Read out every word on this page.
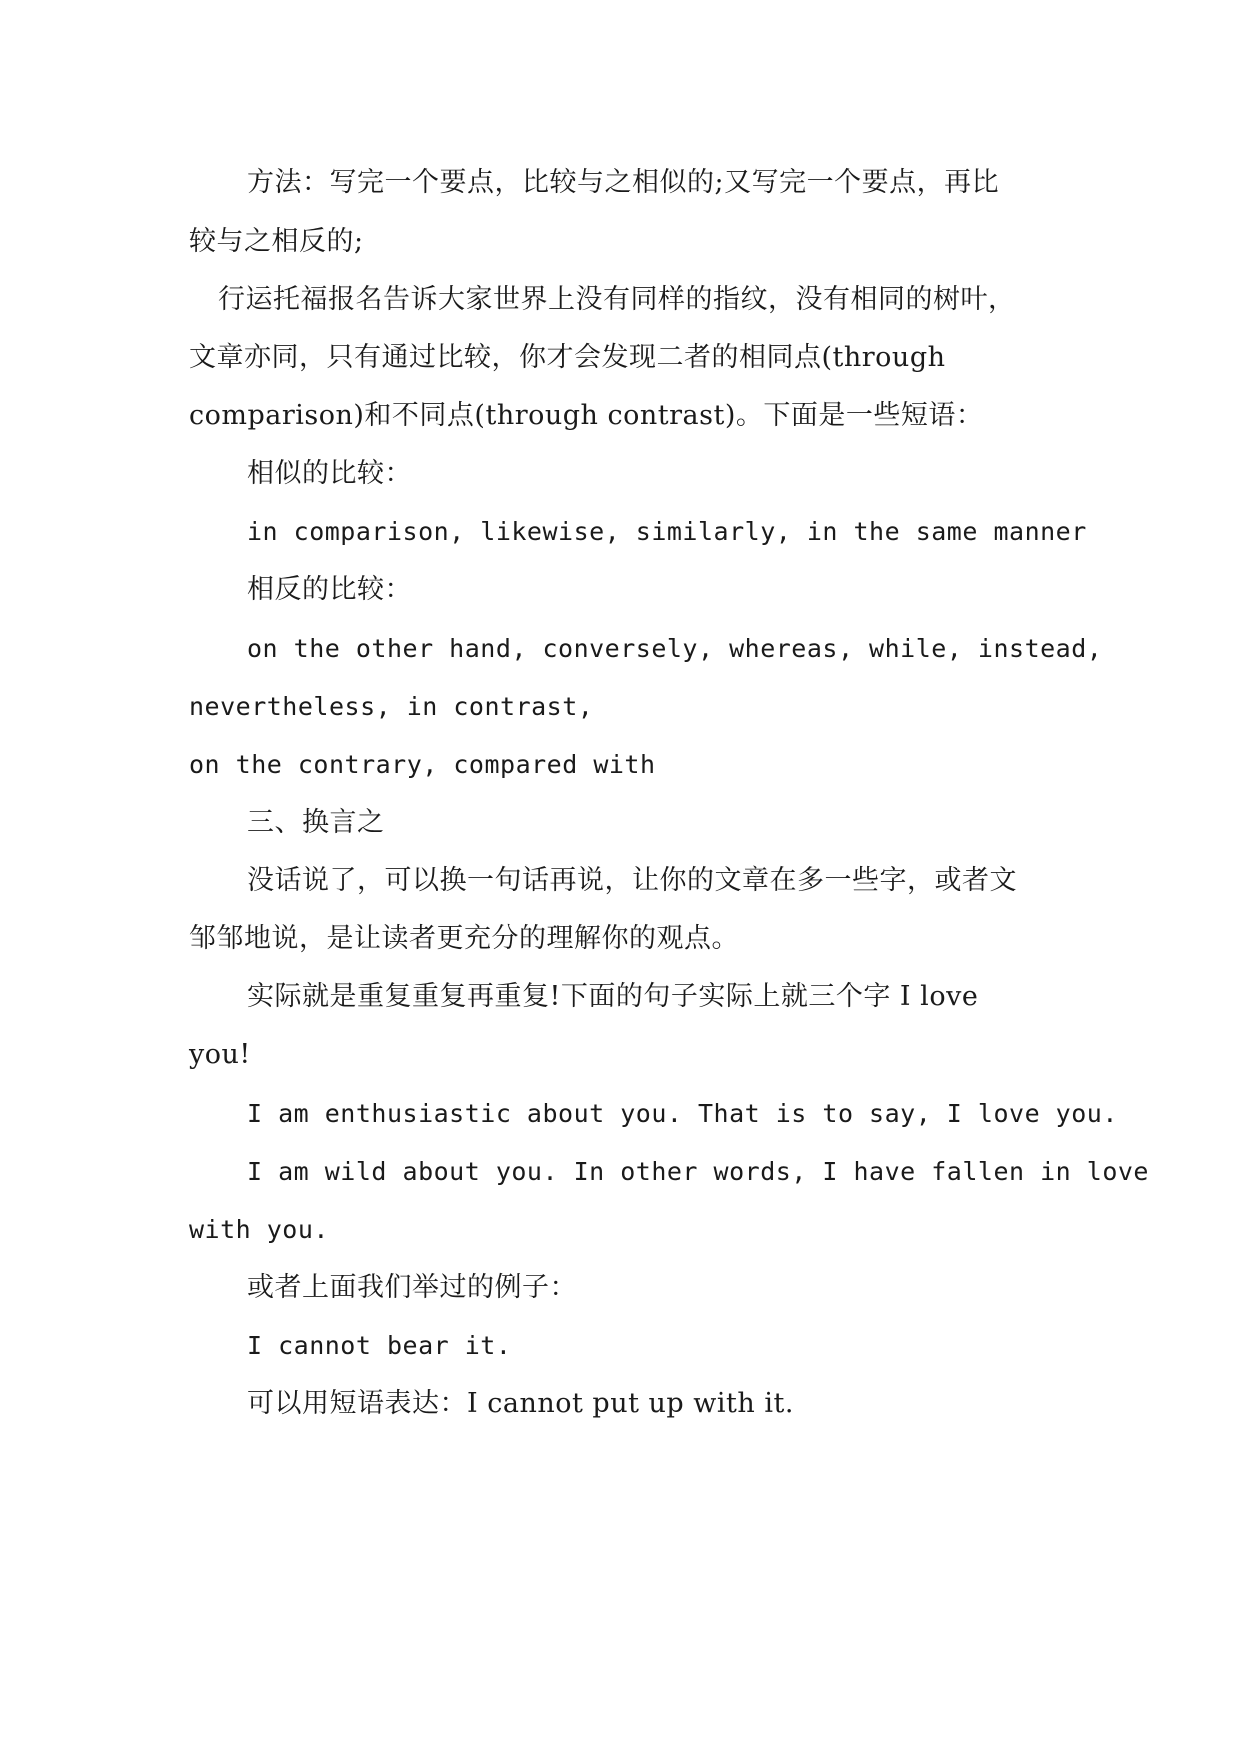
方法：写完一个要点，比较与之相似的;又写完一个要点，再比

较与之相反的;

行运托福报名告诉大家世界上没有同样的指纹，没有相同的树叶，

文章亦同，只有通过比较，你才会发现二者的相同点(through

comparison)和不同点(through contrast)。下面是一些短语：

相似的比较：

in comparison, likewise, similarly, in the same manner

相反的比较：

on the other hand, conversely, whereas, while, instead,

nevertheless, in contrast,

on the contrary, compared with

三、换言之

没话说了，可以换一句话再说，让你的文章在多一些字，或者文

邹邹地说，是让读者更充分的理解你的观点。

实际就是重复重复再重复!下面的句子实际上就三个字 I love

you!

I am enthusiastic about you. That is to say, I love you.

I am wild about you. In other words, I have fallen in love

with you.

或者上面我们举过的例子：

I cannot bear it.

可以用短语表达：I cannot put up with it.
